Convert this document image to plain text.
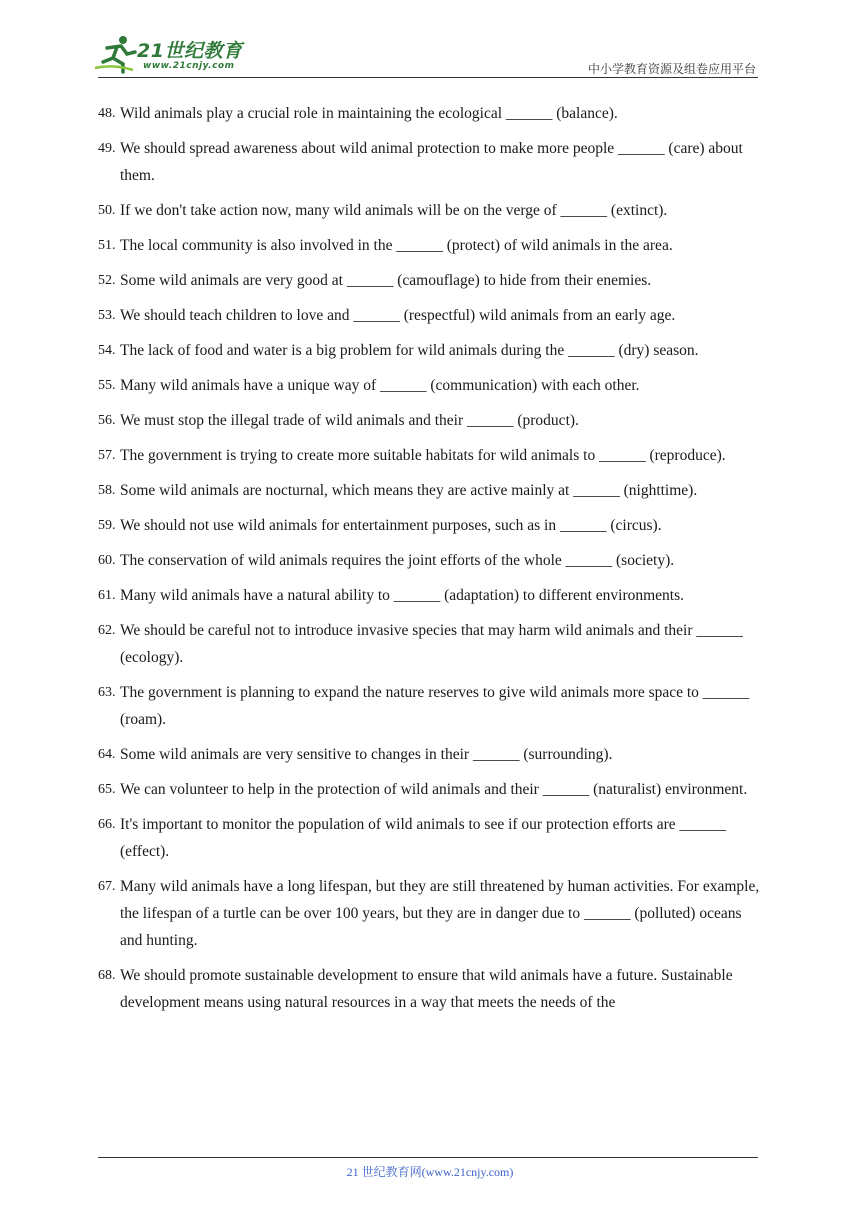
21世纪教育
www.21cnjy.com	中小学教育资源及组卷应用平台
48. Wild animals play a crucial role in maintaining the ecological ______ (balance).
49. We should spread awareness about wild animal protection to make more people ______ (care) about them.
50. If we don't take action now, many wild animals will be on the verge of ______ (extinct).
51. The local community is also involved in the ______ (protect) of wild animals in the area.
52. Some wild animals are very good at ______ (camouflage) to hide from their enemies.
53. We should teach children to love and ______ (respectful) wild animals from an early age.
54. The lack of food and water is a big problem for wild animals during the ______ (dry) season.
55. Many wild animals have a unique way of ______ (communication) with each other.
56. We must stop the illegal trade of wild animals and their ______ (product).
57. The government is trying to create more suitable habitats for wild animals to ______ (reproduce).
58. Some wild animals are nocturnal, which means they are active mainly at ______ (nighttime).
59. We should not use wild animals for entertainment purposes, such as in ______ (circus).
60. The conservation of wild animals requires the joint efforts of the whole ______ (society).
61. Many wild animals have a natural ability to ______ (adaptation) to different environments.
62. We should be careful not to introduce invasive species that may harm wild animals and their ______ (ecology).
63. The government is planning to expand the nature reserves to give wild animals more space to ______ (roam).
64. Some wild animals are very sensitive to changes in their ______ (surrounding).
65. We can volunteer to help in the protection of wild animals and their ______ (naturalist) environment.
66. It's important to monitor the population of wild animals to see if our protection efforts are ______ (effect).
67. Many wild animals have a long lifespan, but they are still threatened by human activities. For example, the lifespan of a turtle can be over 100 years, but they are in danger due to ______ (polluted) oceans and hunting.
68. We should promote sustainable development to ensure that wild animals have a future. Sustainable development means using natural resources in a way that meets the needs of the
21 世纪教育网(www.21cnjy.com)
